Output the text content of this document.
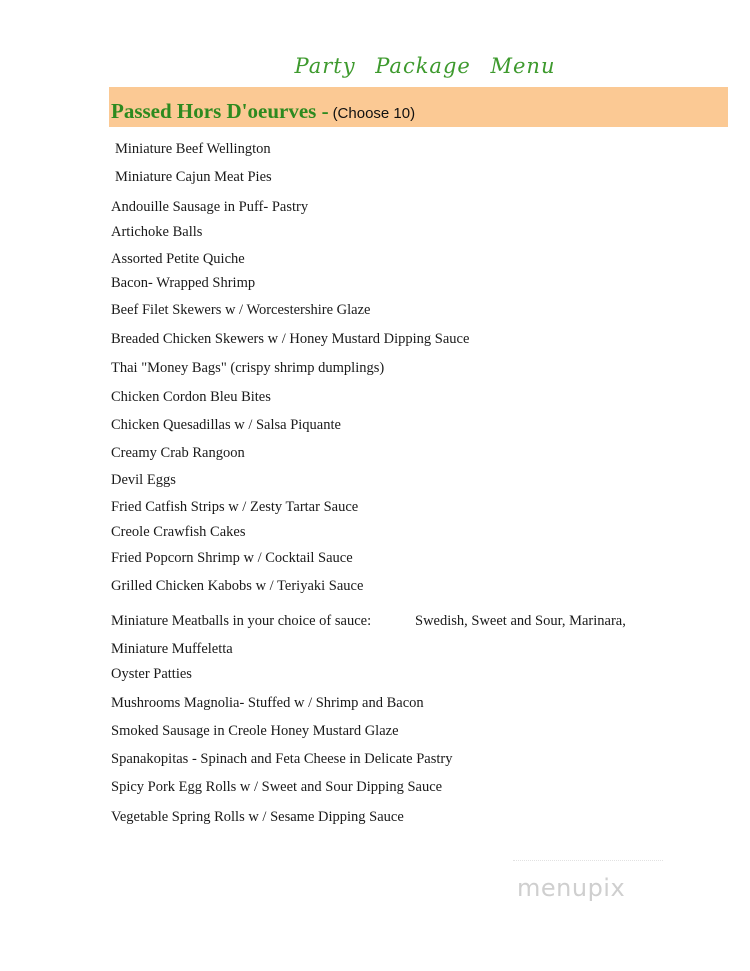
Party Package Menu
Passed Hors D'oeurves - (Choose 10)
Miniature Beef Wellington
Miniature Cajun Meat Pies
Andouille Sausage in Puff- Pastry
Artichoke Balls
Assorted Petite Quiche
Bacon- Wrapped Shrimp
Beef Filet Skewers w / Worcestershire Glaze
Breaded Chicken Skewers w / Honey Mustard Dipping Sauce
Thai "Money Bags" (crispy shrimp dumplings)
Chicken Cordon Bleu Bites
Chicken Quesadillas w / Salsa Piquante
Creamy Crab Rangoon
Devil Eggs
Fried Catfish Strips w / Zesty Tartar Sauce
Creole Crawfish Cakes
Fried Popcorn Shrimp w / Cocktail Sauce
Grilled Chicken Kabobs w / Teriyaki Sauce
Miniature Meatballs in your choice of sauce:	Swedish, Sweet and Sour, Marinara,
Miniature Muffeletta
Oyster Patties
Mushrooms Magnolia- Stuffed w / Shrimp and Bacon
Smoked Sausage in Creole Honey Mustard Glaze
Spanakopitas - Spinach and Feta Cheese in Delicate Pastry
Spicy Pork Egg Rolls w / Sweet and Sour Dipping Sauce
Vegetable Spring Rolls w / Sesame Dipping Sauce
menupix
